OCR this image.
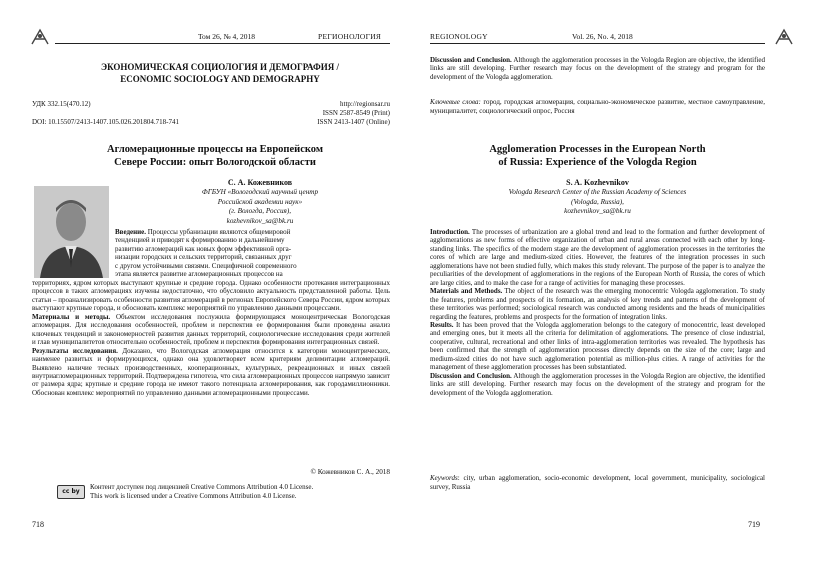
Том 26, № 4, 2018	РЕГИОНОЛОГИЯ
ЭКОНОМИЧЕСКАЯ СОЦИОЛОГИЯ И ДЕМОГРАФИЯ /
ECONOMIC SOCIOLOGY AND DEMOGRAPHY
УДК 332.15(470.12)
DOI: 10.15507/2413-1407.105.026.201804.718-741
http://regionsar.ru
ISSN 2587-8549 (Print)
ISSN 2413-1407 (Online)
Агломерационные процессы на Европейском
Севере России: опыт Вологодской области
С. А. Кожевников
ФГБУН «Вологодский научный центр
Российской академии наук»
(г. Вологда, Россия),
kozhevnikov_sa@bk.ru
Введение. Процессы урбанизации являются общемировой
тенденцией и приводят к формированию и дальнейшему
развитию агломераций как новых форм эффективной орга-
низации городских и сельских территорий, связанных друг
с другом устойчивыми связями. Специфичной современного
этапа является развитие агломерационных процессов на
территориях, ядром которых выступают крупные и средние города. Однако особенности протекания интеграционных процессов в таких агломерациях изучены недостаточно, что обусловило актуальность представленной работы. Цель статьи – проанализировать особенности развития агломераций в регионах Европейского Севера России, ядром которых выступают крупные города, и обосновать комплекс мероприятий по управлению данными процессами.
Материалы и методы. Объектом исследования послужила формирующаяся моноцентрическая Вологодская агломерация. Для исследования особенностей, проблем и перспектив ее формирования были проведены анализ ключевых тенденций и закономерностей развития данных территорий, социологические исследования среди жителей и глав муниципалитетов относительно особенностей, проблем и перспектив формирования интеграционных связей.
Результаты исследования. Доказано, что Вологодская агломерация относится к категории моноцентрических, наименее развитых и формирующихся, однако она удовлетворяет всем критериям делимитации агломераций. Выявлено наличие тесных производственных, кооперационных, культурных, рекреационных и иных связей внутриагломерационных территорий. Подтверждена гипотеза, что сила агломерационных процессов напрямую зависит от размера ядра; крупные и средние города не имеют такого потенциала агломерирования, как городамиллионники. Обоснован комплекс мероприятий по управлению данными агломерационными процессами.
© Кожевников С. А., 2018
cc by
Контент доступен под лицензией Creative Commons Attribution 4.0 License.
This work is licensed under a Creative Commons Attribution 4.0 License.
718
REGIONOLOGY	Vol. 26, No. 4, 2018
Discussion and Conclusion. Although the agglomeration processes in the Vologda Region are objective, the identified links are still developing. Further research may focus on the development of the strategy and program for the development of the Vologda agglomeration.
Ключевые слова: город, городская агломерация, социально-экономическое развитие, местное самоуправление, муниципалитет, социологический опрос, Россия
Agglomeration Processes in the European North
of Russia: Experience of the Vologda Region
S. A. Kozhevnikov
Vologda Research Center of the Russian Academy of Sciences
(Vologda, Russia),
kozhevnikov_sa@bk.ru
Introduction. The processes of urbanization are a global trend and lead to the formation and further development of agglomerations as new forms of effective organization of urban and rural areas connected with each other by long-standing links. The specifics of the modern stage are the development of agglomeration processes in the territories the cores of which are large and medium-sized cities. However, the features of the integration processes in such agglomerations have not been studied fully, which makes this study relevant. The purpose of the paper is to analyze the peculiarities of the development of agglomerations in the regions of the European North of Russia, the cores of which are large cities, and to make the case for a range of activities for managing these processes.
Materials and Methods. The object of the research was the emerging monocentric Vologda agglomeration. To study the features, problems and prospects of its formation, an analysis of key trends and patterns of the development of these territories was performed; sociological research was conducted among residents and the heads of municipalities regarding the features, problems and prospects for the formation of integration links.
Results. It has been proved that the Vologda agglomeration belongs to the category of monocentric, least developed and emerging ones, but it meets all the criteria for delimitation of agglomerations. The presence of close industrial, cooperative, cultural, recreational and other links of intra-agglomeration territories was revealed. The hypothesis has been confirmed that the strength of agglomeration processes directly depends on the size of the core; large and medium-sized cities do not have such agglomeration potential as million-plus cities. A range of activities for the management of these agglomeration processes has been substantiated.
Discussion and Conclusion. Although the agglomeration processes in the Vologda Region are objective, the identified links are still developing. Further research may focus on the development of the strategy and program for the development of the Vologda agglomeration.
Keywords: city, urban agglomeration, socio-economic development, local government, municipality, sociological survey, Russia
719
